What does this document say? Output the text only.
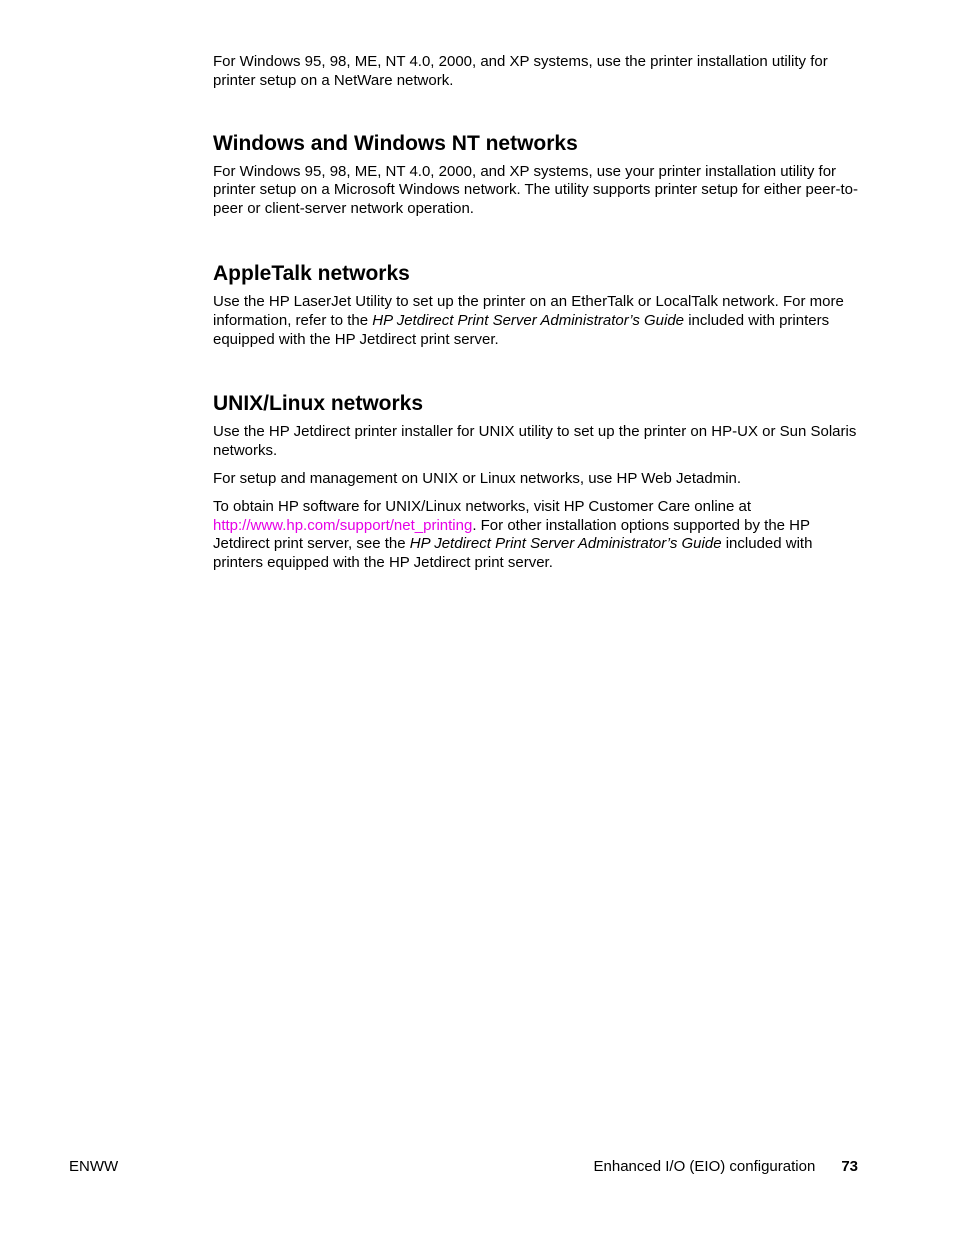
For Windows 95, 98, ME, NT 4.0, 2000, and XP systems, use the printer installation utility for printer setup on a NetWare network.

Windows and Windows NT networks

For Windows 95, 98, ME, NT 4.0, 2000, and XP systems, use your printer installation utility for printer setup on a Microsoft Windows network. The utility supports printer setup for either peer-to-peer or client-server network operation.

AppleTalk networks

Use the HP LaserJet Utility to set up the printer on an EtherTalk or LocalTalk network. For more information, refer to the HP Jetdirect Print Server Administrator’s Guide included with printers equipped with the HP Jetdirect print server.

UNIX/Linux networks

Use the HP Jetdirect printer installer for UNIX utility to set up the printer on HP-UX or Sun Solaris networks.

For setup and management on UNIX or Linux networks, use HP Web Jetadmin.

To obtain HP software for UNIX/Linux networks, visit HP Customer Care online at http://www.hp.com/support/net_printing. For other installation options supported by the HP Jetdirect print server, see the HP Jetdirect Print Server Administrator’s Guide included with printers equipped with the HP Jetdirect print server.

ENWW	Enhanced I/O (EIO) configuration 73
